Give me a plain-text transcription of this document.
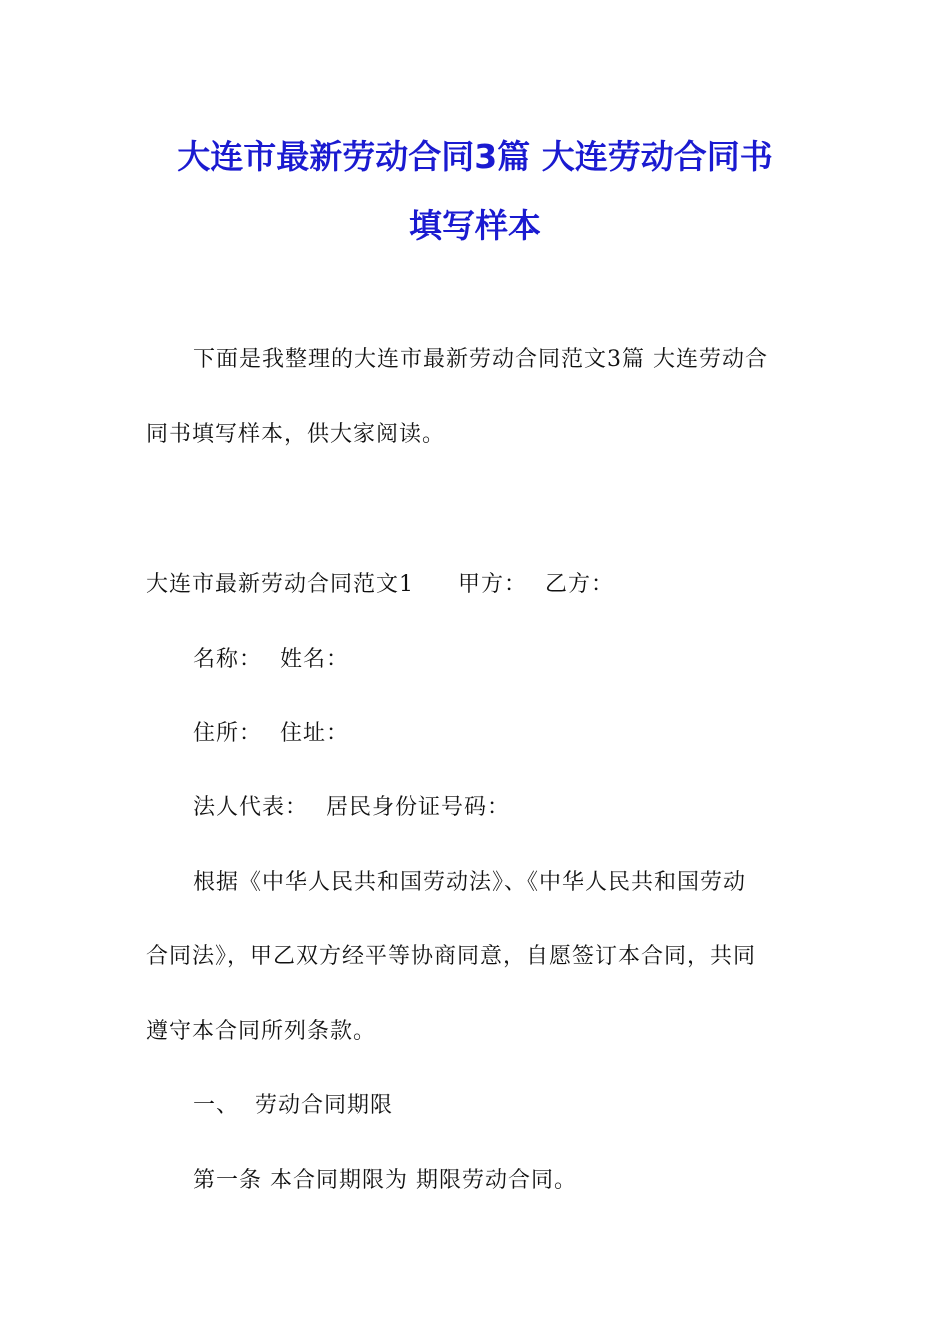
大连市最新劳动合同3篇 大连劳动合同书
填写样本
下面是我整理的大连市最新劳动合同范文3篇 大连劳动合
同书填写样本，供大家阅读。
大连市最新劳动合同范文1 甲方： 乙方：
名称： 姓名：
住所： 住址：
法人代表： 居民身份证号码：
根据《中华人民共和国劳动法》、《中华人民共和国劳动
合同法》，甲乙双方经平等协商同意，自愿签订本合同，共同
遵守本合同所列条款。
一、  劳动合同期限
第一条 本合同期限为 期限劳动合同。
